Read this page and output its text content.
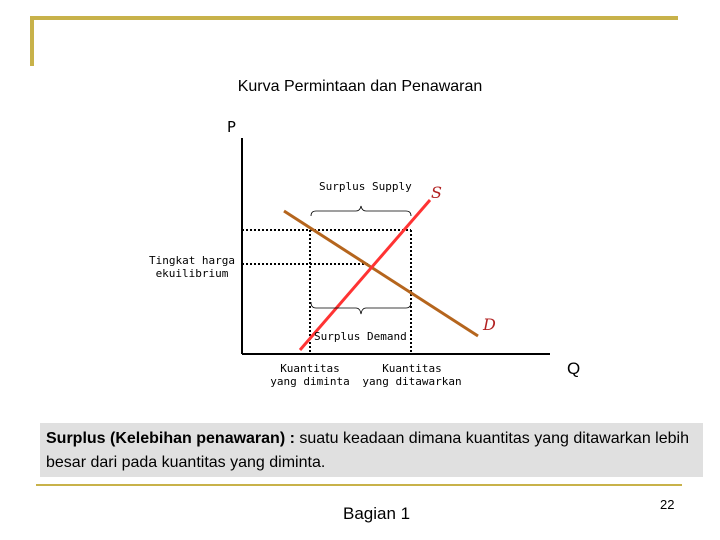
Kurva Permintaan dan Penawaran
P
Q
Surplus Supply S
D
Surplus Demand
Tingkat harga
ekuilibrium
Kuantitas
yang diminta
Kuantitas
yang ditawarkan
Surplus (Kelebihan penawaran) : suatu keadaan dimana kuantitas yang ditawarkan lebih besar dari pada kuantitas yang diminta.
Bagian 1	22
